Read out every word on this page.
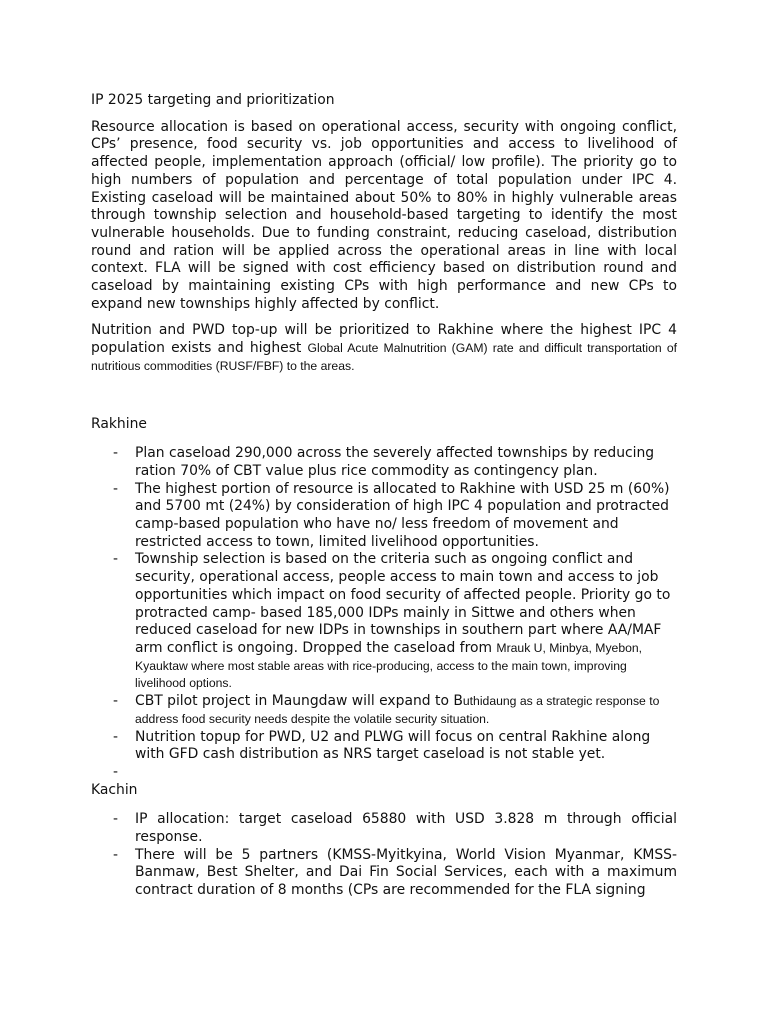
IP 2025 targeting and prioritization

Resource allocation is based on operational access, security with ongoing conflict, CPs’ presence, food security vs. job opportunities and access to livelihood of affected people, implementation approach (official/ low profile). The priority go to high numbers of population and percentage of total population under IPC 4. Existing caseload will be maintained about 50% to 80% in highly vulnerable areas through township selection and household-based targeting to identify the most vulnerable households. Due to funding constraint, reducing caseload, distribution round and ration will be applied across the operational areas in line with local context. FLA will be signed with cost efficiency based on distribution round and caseload by maintaining existing CPs with high performance and new CPs to expand new townships highly affected by conflict.

Nutrition and PWD top-up will be prioritized to Rakhine where the highest IPC 4 population exists and highest Global Acute Malnutrition (GAM) rate and difficult transportation of nutritious commodities (RUSF/FBF) to the areas.

Rakhine
- Plan caseload 290,000 across the severely affected townships by reducing ration 70% of CBT value plus rice commodity as contingency plan.
- The highest portion of resource is allocated to Rakhine with USD 25 m (60%) and 5700 mt (24%) by consideration of high IPC 4 population and protracted camp-based population who have no/ less freedom of movement and restricted access to town, limited livelihood opportunities.
- Township selection is based on the criteria such as ongoing conflict and security, operational access, people access to main town and access to job opportunities which impact on food security of affected people. Priority go to protracted camp- based 185,000 IDPs mainly in Sittwe and others when reduced caseload for new IDPs in townships in southern part where AA/MAF arm conflict is ongoing. Dropped the caseload from Mrauk U, Minbya, Myebon, Kyauktaw where most stable areas with rice-producing, access to the main town, improving livelihood options.
- CBT pilot project in Maungdaw will expand to Buthidaung as a strategic response to address food security needs despite the volatile security situation.
- Nutrition topup for PWD, U2 and PLWG will focus on central Rakhine along with GFD cash distribution as NRS target caseload is not stable yet.
-
Kachin
- IP allocation: target caseload 65880 with USD 3.828 m through official response.
- There will be 5 partners (KMSS-Myitkyina, World Vision Myanmar, KMSS-Banmaw, Best Shelter, and Dai Fin Social Services, each with a maximum contract duration of 8 months (CPs are recommended for the FLA signing
